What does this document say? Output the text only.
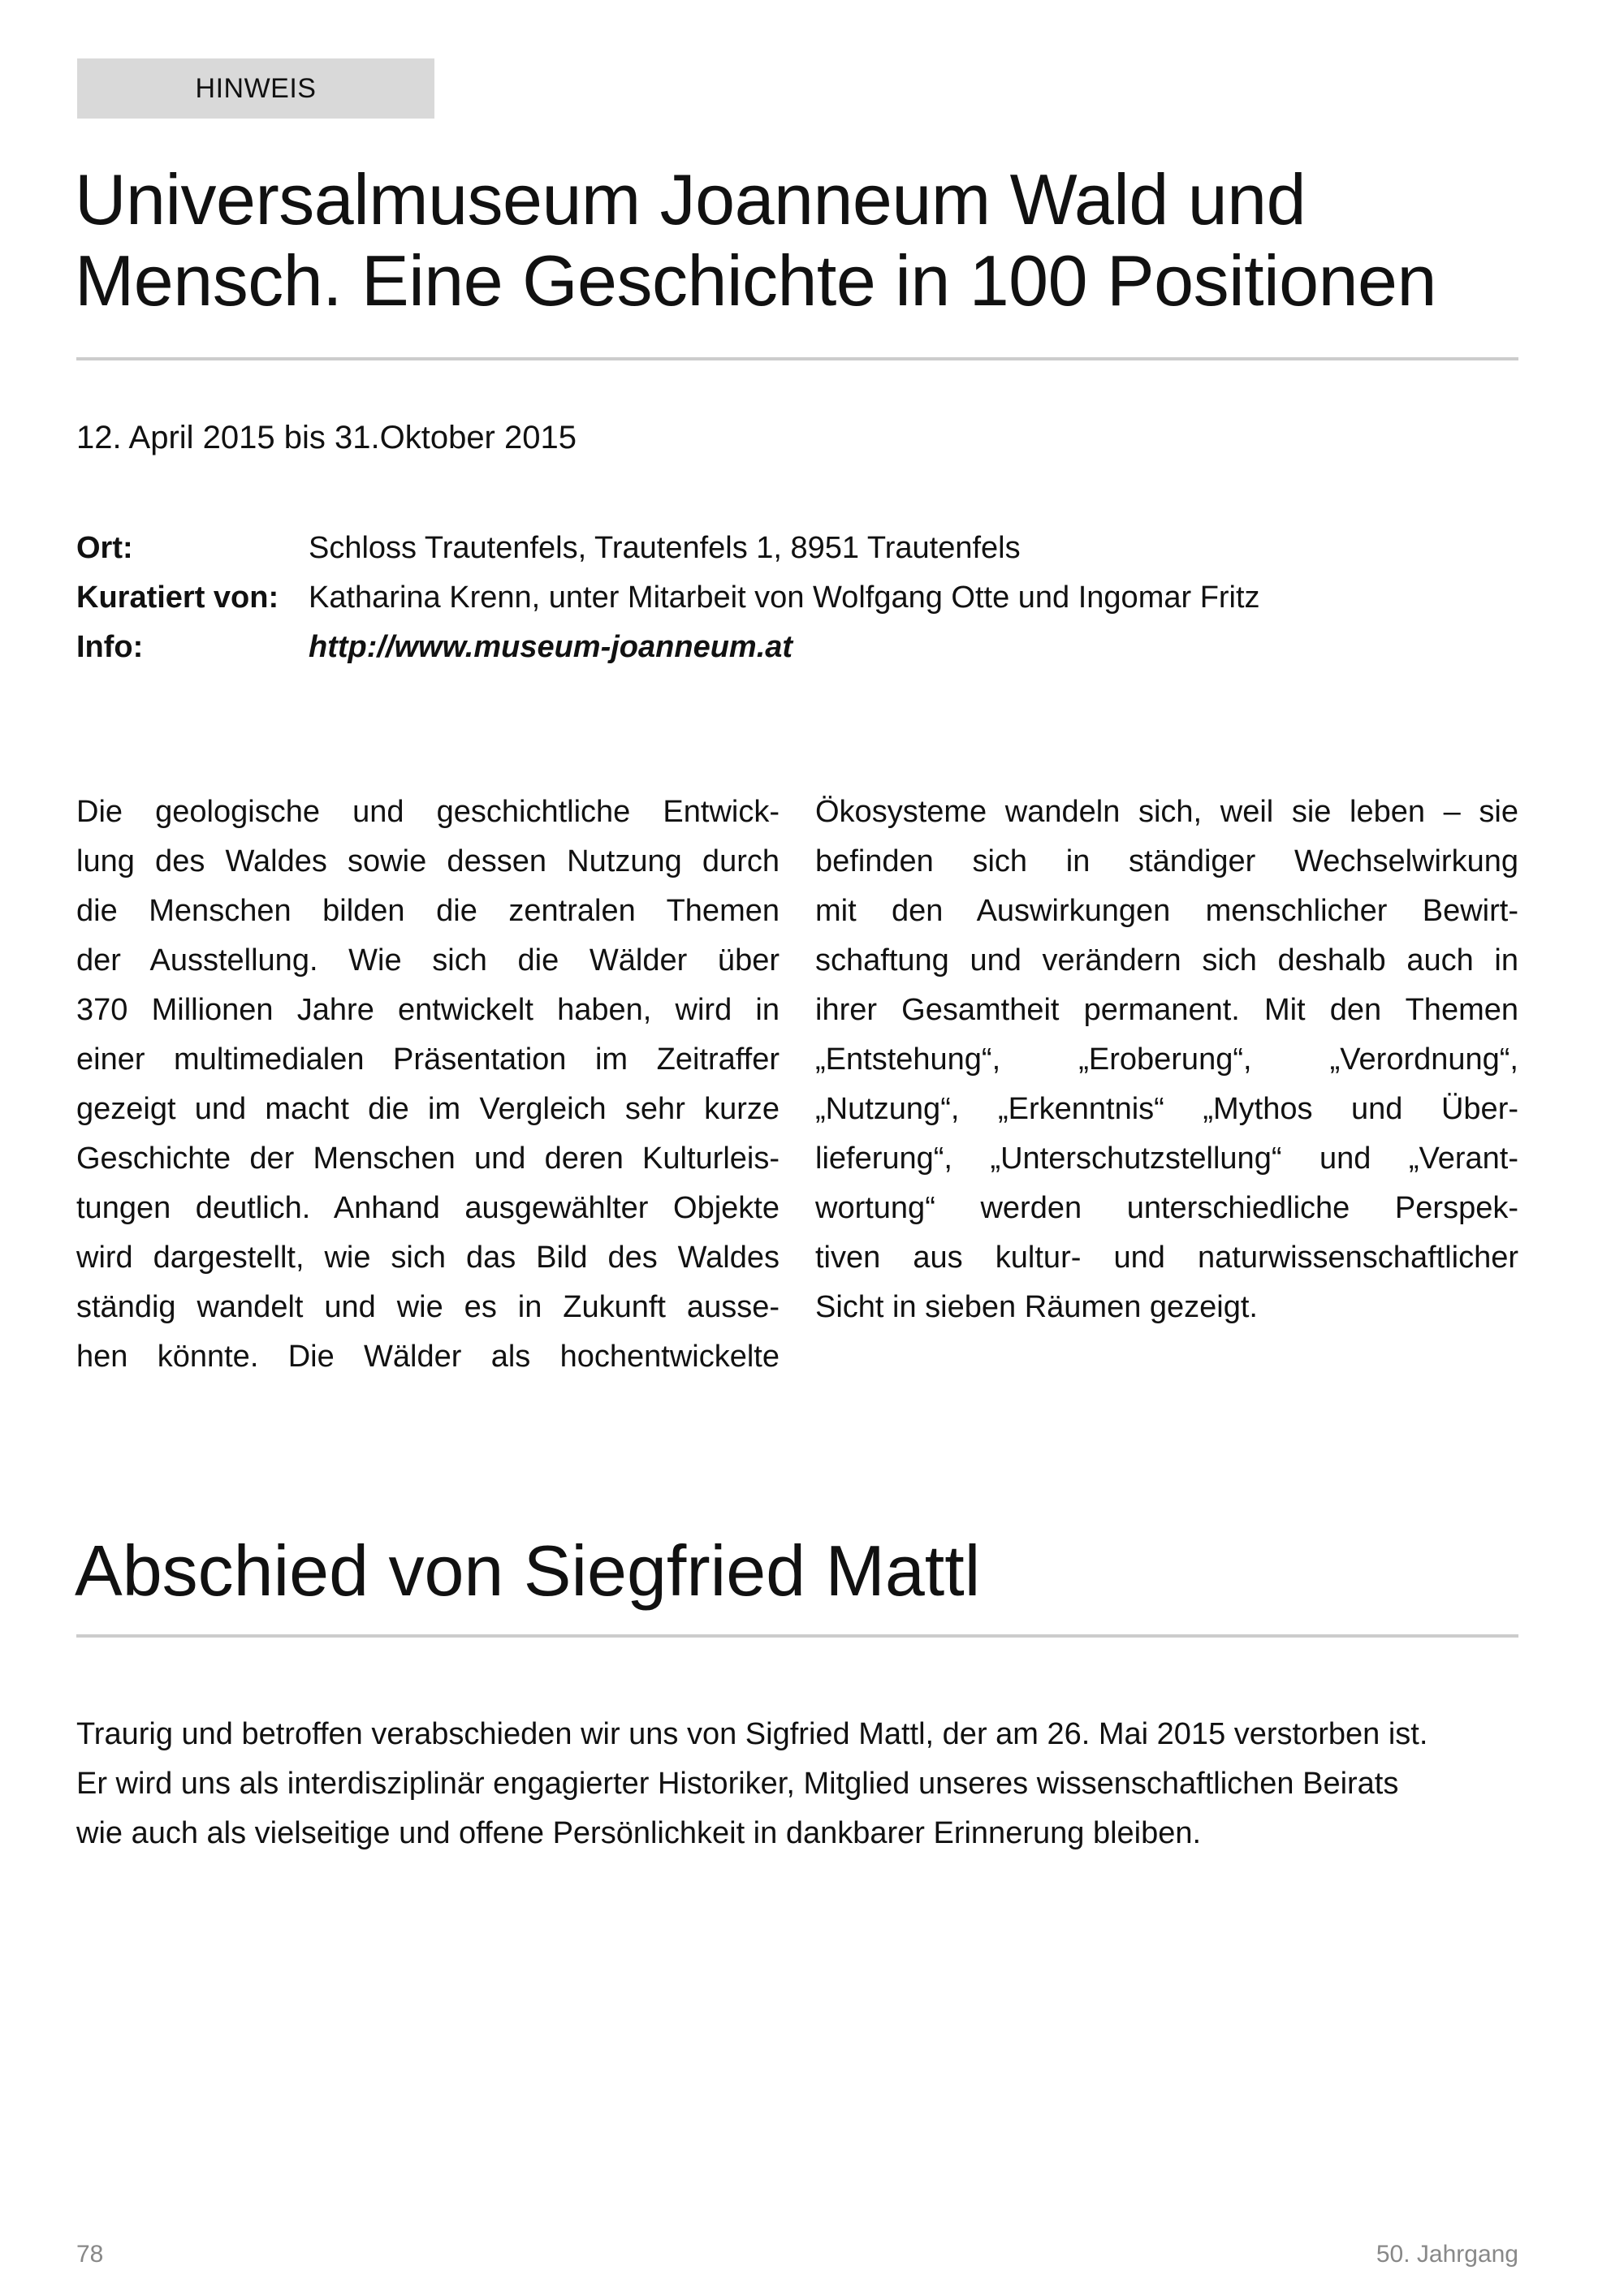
HINWEIS
Universalmuseum Joanneum Wald und Mensch. Eine Geschichte in 100 Positionen
12. April 2015 bis 31.Oktober 2015
Ort:	Schloss Trautenfels, Trautenfels 1, 8951 Trautenfels
Kuratiert von: Katharina Krenn, unter Mitarbeit von Wolfgang Otte und Ingomar Fritz
Info:	http://www.museum-joanneum.at
Die geologische und geschichtliche Entwick-
lung des Waldes sowie dessen Nutzung durch
die Menschen bilden die zentralen Themen
der Ausstellung. Wie sich die Wälder über
370 Millionen Jahre entwickelt haben, wird in
einer multimedialen Präsentation im Zeitraffer
gezeigt und macht die im Vergleich sehr kurze
Geschichte der Menschen und deren Kulturleis-
tungen deutlich. Anhand ausgewählter Objekte
wird dargestellt, wie sich das Bild des Waldes
ständig wandelt und wie es in Zukunft ausse-
hen könnte. Die Wälder als hochentwickelte
Ökosysteme wandeln sich, weil sie leben – sie
befinden sich in ständiger Wechselwirkung
mit den Auswirkungen menschlicher Bewirt-
schaftung und verändern sich deshalb auch in
ihrer Gesamtheit permanent. Mit den Themen
„Entstehung“, „Eroberung“, „Verordnung“,
„Nutzung“, „Erkenntnis“ „Mythos und Über-
lieferung“, „Unterschutzstellung“ und „Verant-
wortung“ werden unterschiedliche Perspek-
tiven aus kultur- und naturwissenschaftlicher
Sicht in sieben Räumen gezeigt.
Abschied von Siegfried Mattl
Traurig und betroffen verabschieden wir uns von Sigfried Mattl, der am 26. Mai 2015 verstorben ist.
Er wird uns als interdisziplinär engagierter Historiker, Mitglied unseres wissenschaftlichen Beirats
wie auch als vielseitige und offene Persönlichkeit in dankbarer Erinnerung bleiben.
78	50. Jahrgang
